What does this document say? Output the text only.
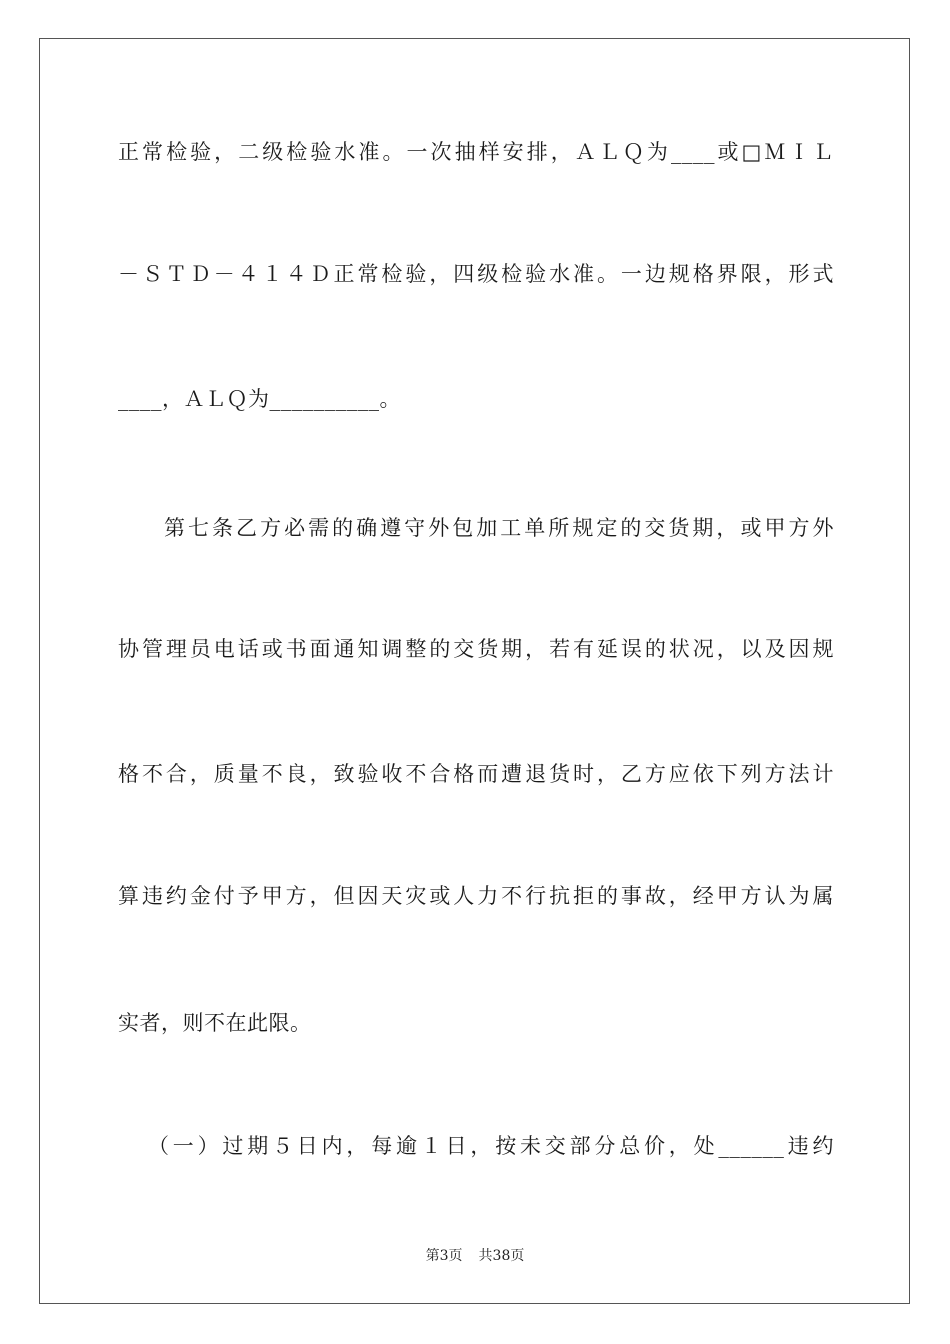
正常检验，二级检验水准。一次抽样安排，ＡＬＱ为____或□ＭＩＬ
－ＳＴＤ－４１４Ｄ正常检验，四级检验水准。一边规格界限，形式
____，ＡＬＱ为__________。
第七条乙方必需的确遵守外包加工单所规定的交货期，或甲方外
协管理员电话或书面通知调整的交货期，若有延误的状况，以及因规
格不合，质量不良，致验收不合格而遭退货时，乙方应依下列方法计
算违约金付予甲方，但因天灾或人力不行抗拒的事故，经甲方认为属
实者，则不在此限。
（一）过期５日内，每逾１日，按未交部分总价，处______违约
第3页 共38页
